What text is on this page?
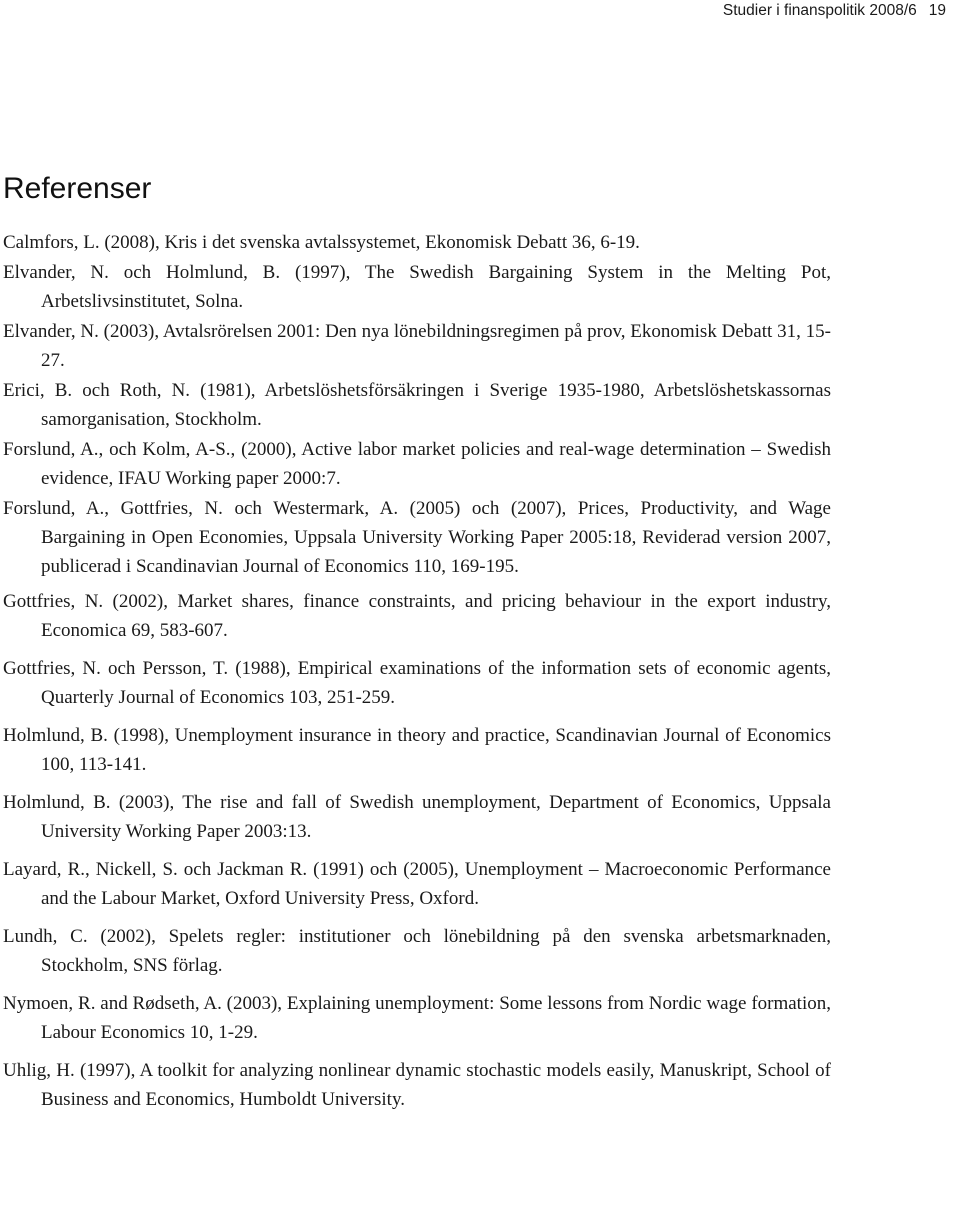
Studier i finanspolitik 2008/6 19
Referenser
Calmfors, L. (2008), Kris i det svenska avtalssystemet, Ekonomisk Debatt 36, 6-19.
Elvander, N. och Holmlund, B. (1997), The Swedish Bargaining System in the Melting Pot, Arbetslivsinstitutet, Solna.
Elvander, N. (2003), Avtalsrörelsen 2001: Den nya lönebildningsregimen på prov, Ekonomisk Debatt 31, 15-27.
Erici, B. och Roth, N. (1981), Arbetslöshetsförsäkringen i Sverige 1935-1980, Arbetslöshetskassornas samorganisation, Stockholm.
Forslund, A., och Kolm, A-S., (2000), Active labor market policies and real-wage determination – Swedish evidence, IFAU Working paper 2000:7.
Forslund, A., Gottfries, N. och Westermark, A. (2005) och (2007), Prices, Productivity, and Wage Bargaining in Open Economies, Uppsala University Working Paper 2005:18, Reviderad version 2007, publicerad i Scandinavian Journal of Economics 110, 169-195.
Gottfries, N. (2002), Market shares, finance constraints, and pricing behaviour in the export industry, Economica 69, 583-607.
Gottfries, N. och Persson, T. (1988), Empirical examinations of the information sets of economic agents, Quarterly Journal of Economics 103, 251-259.
Holmlund, B. (1998), Unemployment insurance in theory and practice, Scandinavian Journal of Economics 100, 113-141.
Holmlund, B. (2003), The rise and fall of Swedish unemployment, Department of Economics, Uppsala University Working Paper 2003:13.
Layard, R., Nickell, S. och Jackman R. (1991) och (2005), Unemployment – Macroeconomic Performance and the Labour Market, Oxford University Press, Oxford.
Lundh, C. (2002), Spelets regler: institutioner och lönebildning på den svenska arbetsmarknaden, Stockholm, SNS förlag.
Nymoen, R. and Rødseth, A. (2003), Explaining unemployment: Some lessons from Nordic wage formation, Labour Economics 10, 1-29.
Uhlig, H. (1997), A toolkit for analyzing nonlinear dynamic stochastic models easily, Manuskript, School of Business and Economics, Humboldt University.
